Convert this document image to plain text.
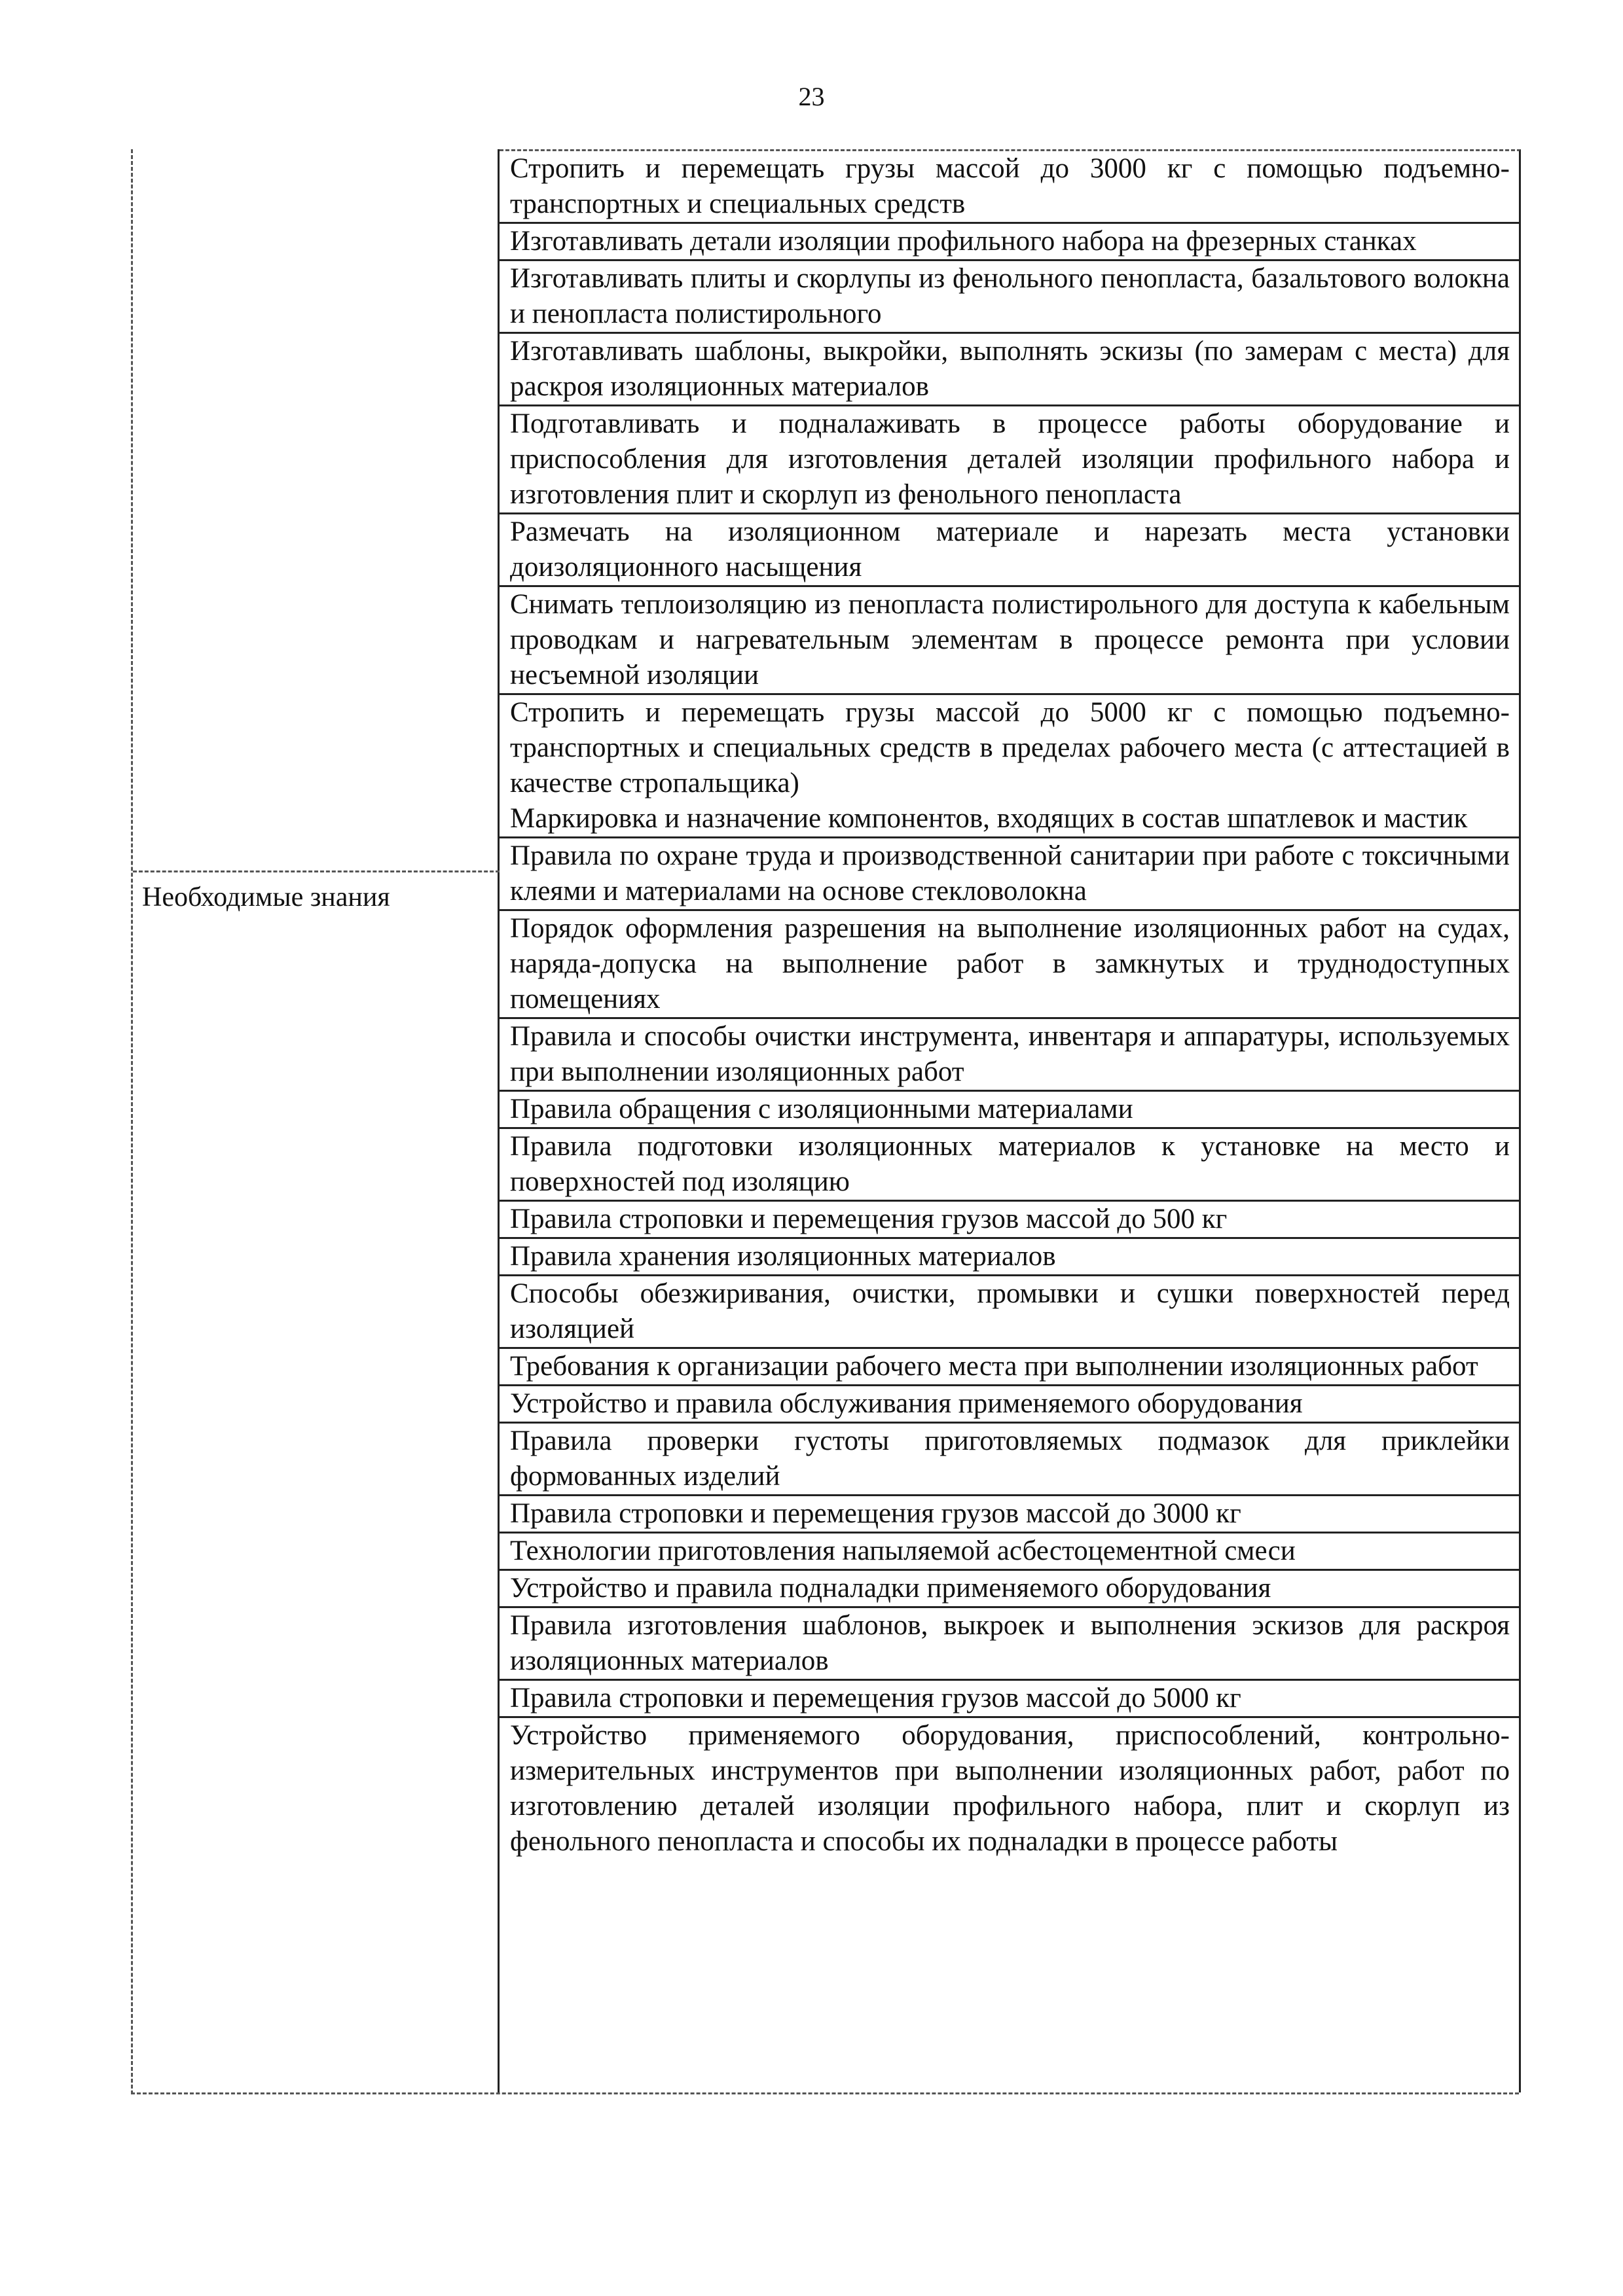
23
Необходимые знания
Стропить и перемещать грузы массой до 3000 кг с помощью подъемно-транспортных и специальных средств
Изготавливать детали изоляции профильного набора на фрезерных станках
Изготавливать плиты и скорлупы из фенольного пенопласта, базальтового волокна и пенопласта полистирольного
Изготавливать шаблоны, выкройки, выполнять эскизы (по замерам с места) для раскроя изоляционных материалов
Подготавливать и подналаживать в процессе работы оборудование и приспособления для изготовления деталей изоляции профильного набора и изготовления плит и скорлуп из фенольного пенопласта
Размечать на изоляционном материале и нарезать места установки доизоляционного насыщения
Снимать теплоизоляцию из пенопласта полистирольного для доступа к кабельным проводкам и нагревательным элементам в процессе ремонта при условии несъемной изоляции
Стропить и перемещать грузы массой до 5000 кг с помощью подъемно-транспортных и специальных средств в пределах рабочего места (с аттестацией в качестве стропальщика)
Маркировка и назначение компонентов, входящих в состав шпатлевок и мастик
Правила по охране труда и производственной санитарии при работе с токсичными клеями и материалами на основе стекловолокна
Порядок оформления разрешения на выполнение изоляционных работ на судах, наряда-допуска на выполнение работ в замкнутых и труднодоступных помещениях
Правила и способы очистки инструмента, инвентаря и аппаратуры, используемых при выполнении изоляционных работ
Правила обращения с изоляционными материалами
Правила подготовки изоляционных материалов к установке на место и поверхностей под изоляцию
Правила строповки и перемещения грузов массой до 500 кг
Правила хранения изоляционных материалов
Способы обезжиривания, очистки, промывки и сушки поверхностей перед изоляцией
Требования к организации рабочего места при выполнении изоляционных работ
Устройство и правила обслуживания применяемого оборудования
Правила проверки густоты приготовляемых подмазок для приклейки формованных изделий
Правила строповки и перемещения грузов массой до 3000 кг
Технологии приготовления напыляемой асбестоцементной смеси
Устройство и правила подналадки применяемого оборудования
Правила изготовления шаблонов, выкроек и выполнения эскизов для раскроя изоляционных материалов
Правила строповки и перемещения грузов массой до 5000 кг
Устройство применяемого оборудования, приспособлений, контрольно-измерительных инструментов при выполнении изоляционных работ, работ по изготовлению деталей изоляции профильного набора, плит и скорлуп из фенольного пенопласта и способы их подналадки в процессе работы
